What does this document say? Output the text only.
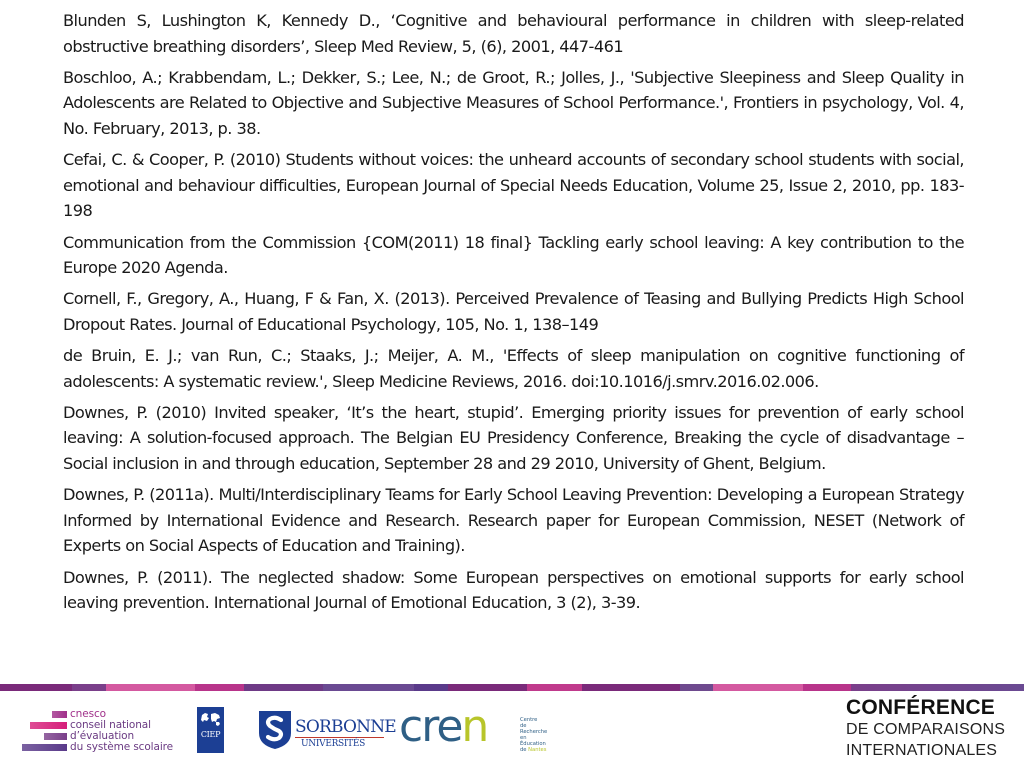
Blunden S, Lushington K, Kennedy D., ‘Cognitive and behavioural performance in children with sleep-related obstructive breathing disorders’, Sleep Med Review, 5, (6), 2001, 447-461

Boschloo, A.; Krabbendam, L.; Dekker, S.; Lee, N.; de Groot, R.; Jolles, J., 'Subjective Sleepiness and Sleep Quality in Adolescents are Related to Objective and Subjective Measures of School Performance.', Frontiers in psychology, Vol. 4, No. February, 2013, p. 38.

Cefai, C. & Cooper, P. (2010) Students without voices: the unheard accounts of secondary school students with social, emotional and behaviour difficulties, European Journal of Special Needs Education, Volume 25, Issue 2, 2010, pp. 183-198

Communication from the Commission {COM(2011) 18 final} Tackling early school leaving: A key contribution to the Europe 2020 Agenda.

Cornell, F., Gregory, A., Huang, F & Fan, X. (2013). Perceived Prevalence of Teasing and Bullying Predicts High School Dropout Rates. Journal of Educational Psychology, 105, No. 1, 138–149

de Bruin, E. J.; van Run, C.; Staaks, J.; Meijer, A. M., 'Effects of sleep manipulation on cognitive functioning of adolescents: A systematic review.', Sleep Medicine Reviews, 2016. doi:10.1016/j.smrv.2016.02.006.

Downes, P. (2010) Invited speaker, ‘It’s the heart, stupid’. Emerging priority issues for prevention of early school leaving: A solution-focused approach. The Belgian EU Presidency Conference, Breaking the cycle of disadvantage – Social inclusion in and through education, September 28 and 29 2010, University of Ghent, Belgium.

Downes, P. (2011a). Multi/Interdisciplinary Teams for Early School Leaving Prevention: Developing a European Strategy Informed by International Evidence and Research. Research paper for European Commission, NESET (Network of Experts on Social Aspects of Education and Training).

Downes, P. (2011). The neglected shadow: Some European perspectives on emotional supports for early school leaving prevention. International Journal of Emotional Education, 3 (2), 3-39.

cnesco
conseil national
d’évaluation
du système scolaire
CIEP	SORBONNE
UNIVERSITÉS cren	Centre
de Recherche
en Éducation
de Nantes
CONFÉRENCE
DE COMPARAISONS
INTERNATIONALES
